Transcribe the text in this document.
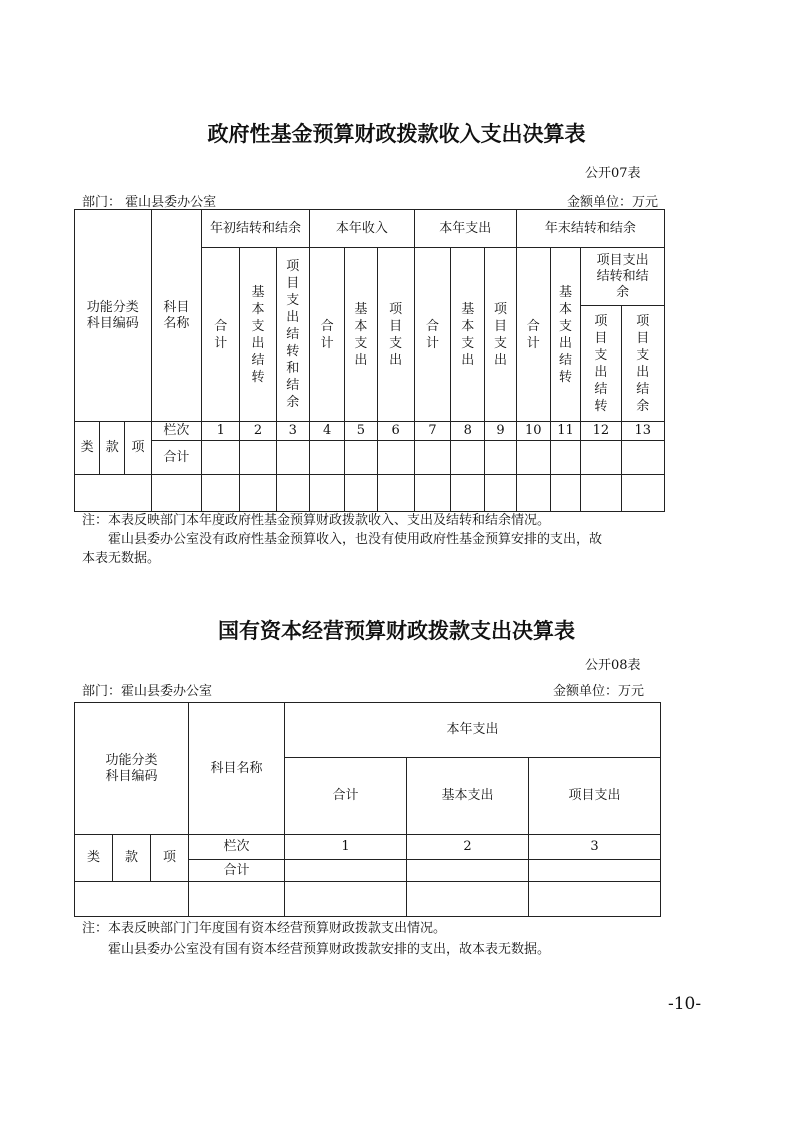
政府性基金预算财政拨款收入支出决算表
公开07表
部门： 霍山县委办公室	金额单位：万元
功能分类科目编码			科目名称	年初结转和结余			本年收入			本年支出			年末结转和结余			
				合计	基本支出结转	项目支出结转和结余	合计	基本支出	项目支出	合计	基本支出	项目支出	合计	基本支出结转	项目支出结转和结余	
															项目支出结转	项目支出结余
类	款	项	栏次	1	2	3	4	5	6	7	8	9	10	11	12	13
			合计													

注：本表反映部门本年度政府性基金预算财政拨款收入、支出及结转和结余情况。
霍山县委办公室没有政府性基金预算收入，也没有使用政府性基金预算安排的支出，故
本表无数据。
国有资本经营预算财政拨款支出决算表
公开08表
部门：霍山县委办公室	金额单位：万元
功能分类
科目编码			科目名称	本年支出		
				合计	基本支出	项目支出
类	款	项	栏次	1	2	3
			合计			

注：本表反映部门门年度国有资本经营预算财政拨款支出情况。
霍山县委办公室没有国有资本经营预算财政拨款安排的支出，故本表无数据。
-10-
